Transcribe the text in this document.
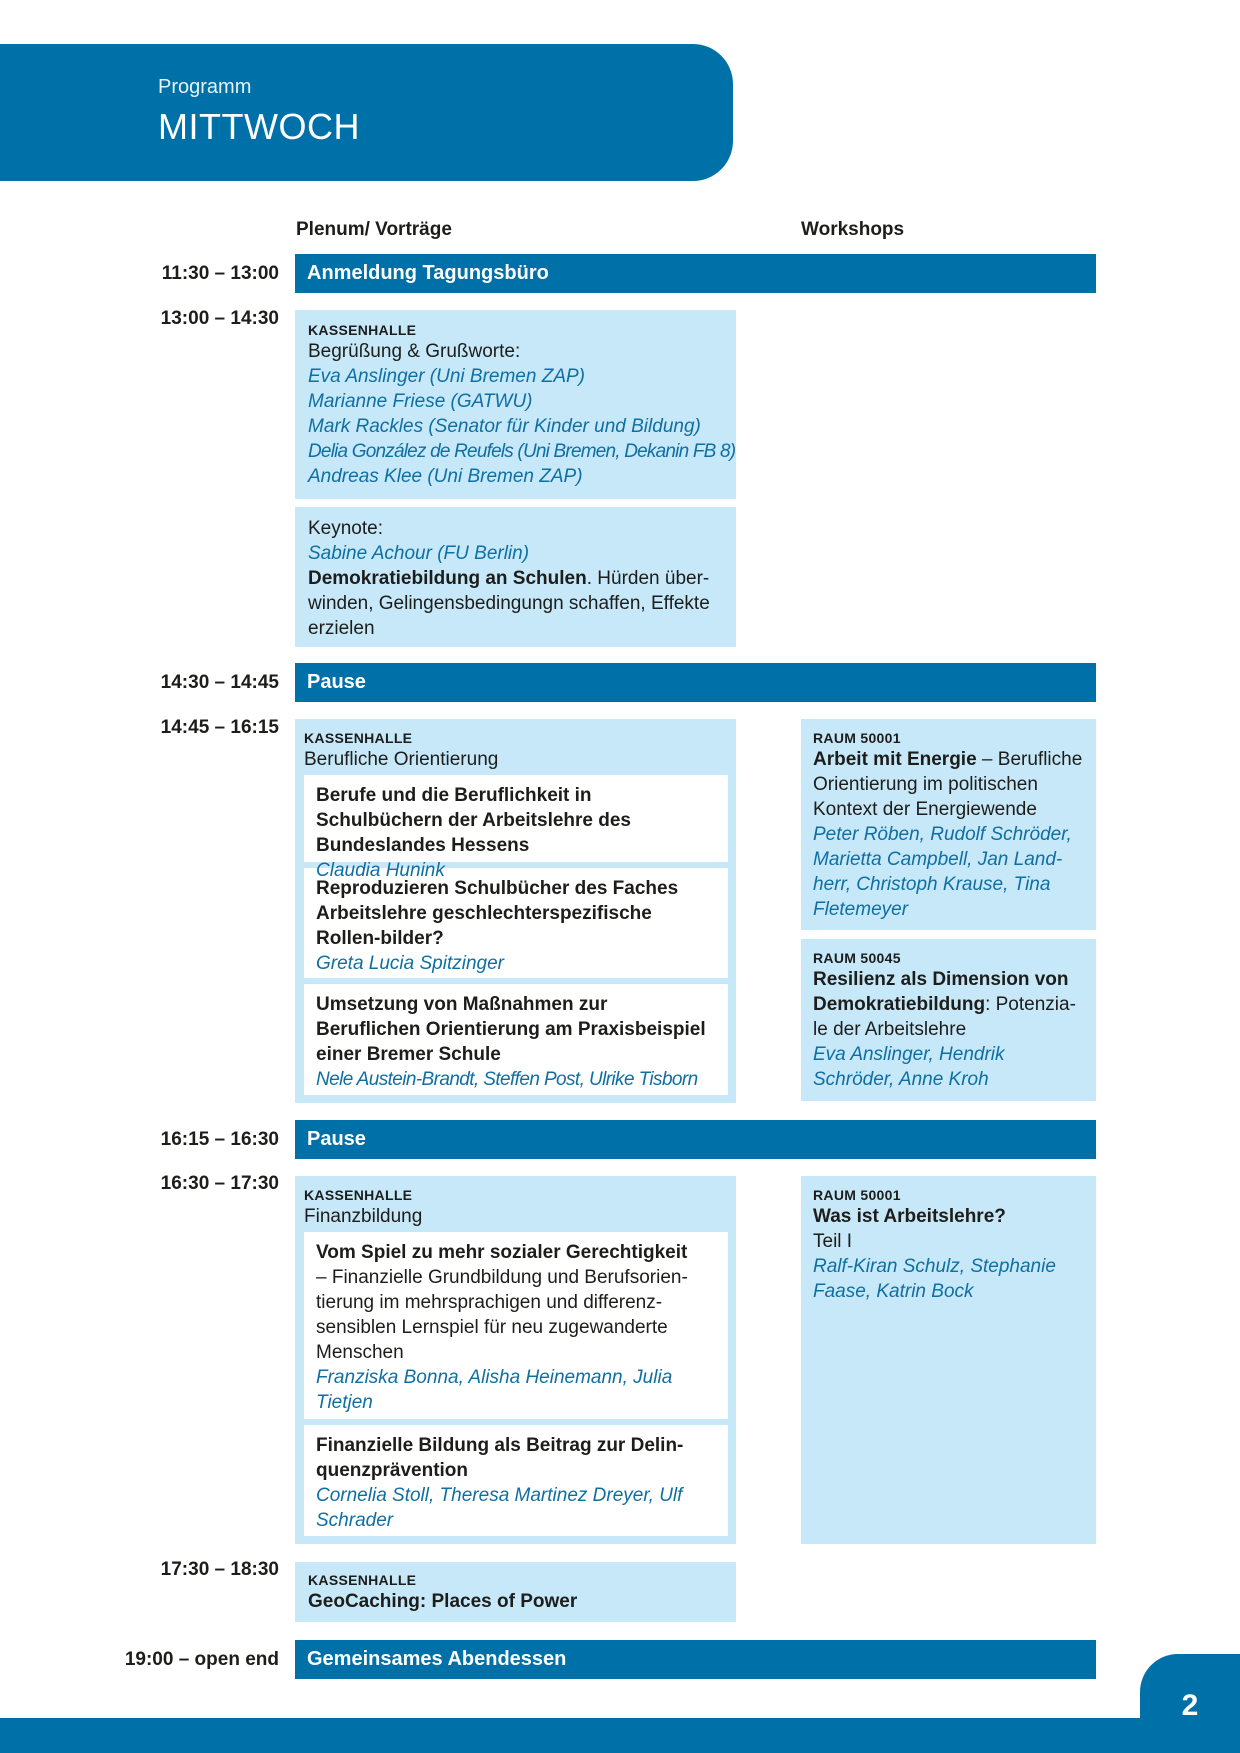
Programm
MITTWOCH
Plenum/ Vorträge	Workshops
11:30 – 13:00
13:00 – 14:30
14:30 – 14:45
14:45 – 16:15
16:15 – 16:30
16:30 – 17:30
17:30 – 18:30
19:00 – open end
Anmeldung Tagungsbüro
Pause
Pause
Gemeinsames Abendessen
KASSENHALLE
Begrüßung & Grußworte:
Eva Anslinger (Uni Bremen ZAP)
Marianne Friese (GATWU)
Mark Rackles (Senator für Kinder und Bildung)
Delia González de Reufels (Uni Bremen, Dekanin FB 8)
Andreas Klee (Uni Bremen ZAP)
Keynote:
Sabine Achour (FU Berlin)
Demokratiebildung an Schulen. Hürden über-winden, Gelingensbedingungn schaffen, Effekte erzielen
KASSENHALLE
Berufliche Orientierung
Berufe und die Beruflichkeit in Schulbüchern der Arbeitslehre des Bundeslandes Hessens
Claudia Hunink
Reproduzieren Schulbücher des Faches Arbeitslehre geschlechterspezifische Rollen-bilder?
Greta Lucia Spitzinger
Umsetzung von Maßnahmen zur Beruflichen Orientierung am Praxisbeispiel einer Bremer Schule
Nele Austein-Brandt, Steffen Post, Ulrike Tisborn
RAUM 50001
Arbeit mit Energie – Berufliche Orientierung im politischen Kontext der Energiewende
Peter Röben, Rudolf Schröder, Marietta Campbell, Jan Land-herr, Christoph Krause, Tina Fletemeyer
RAUM 50045
Resilienz als Dimension von Demokratiebildung: Potenzia-le der Arbeitslehre
Eva Anslinger, Hendrik Schröder, Anne Kroh
KASSENHALLE
Finanzbildung
Vom Spiel zu mehr sozialer Gerechtigkeit
– Finanzielle Grundbildung und Berufsorien-tierung im mehrsprachigen und differenz-sensiblen Lernspiel für neu zugewanderte Menschen
Franziska Bonna, Alisha Heinemann, Julia Tietjen
Finanzielle Bildung als Beitrag zur Delin-quenzprävention
Cornelia Stoll, Theresa Martinez Dreyer, Ulf Schrader
RAUM 50001
Was ist Arbeitslehre?
Teil I
Ralf-Kiran Schulz, Stephanie Faase, Katrin Bock
KASSENHALLE
GeoCaching: Places of Power
2
